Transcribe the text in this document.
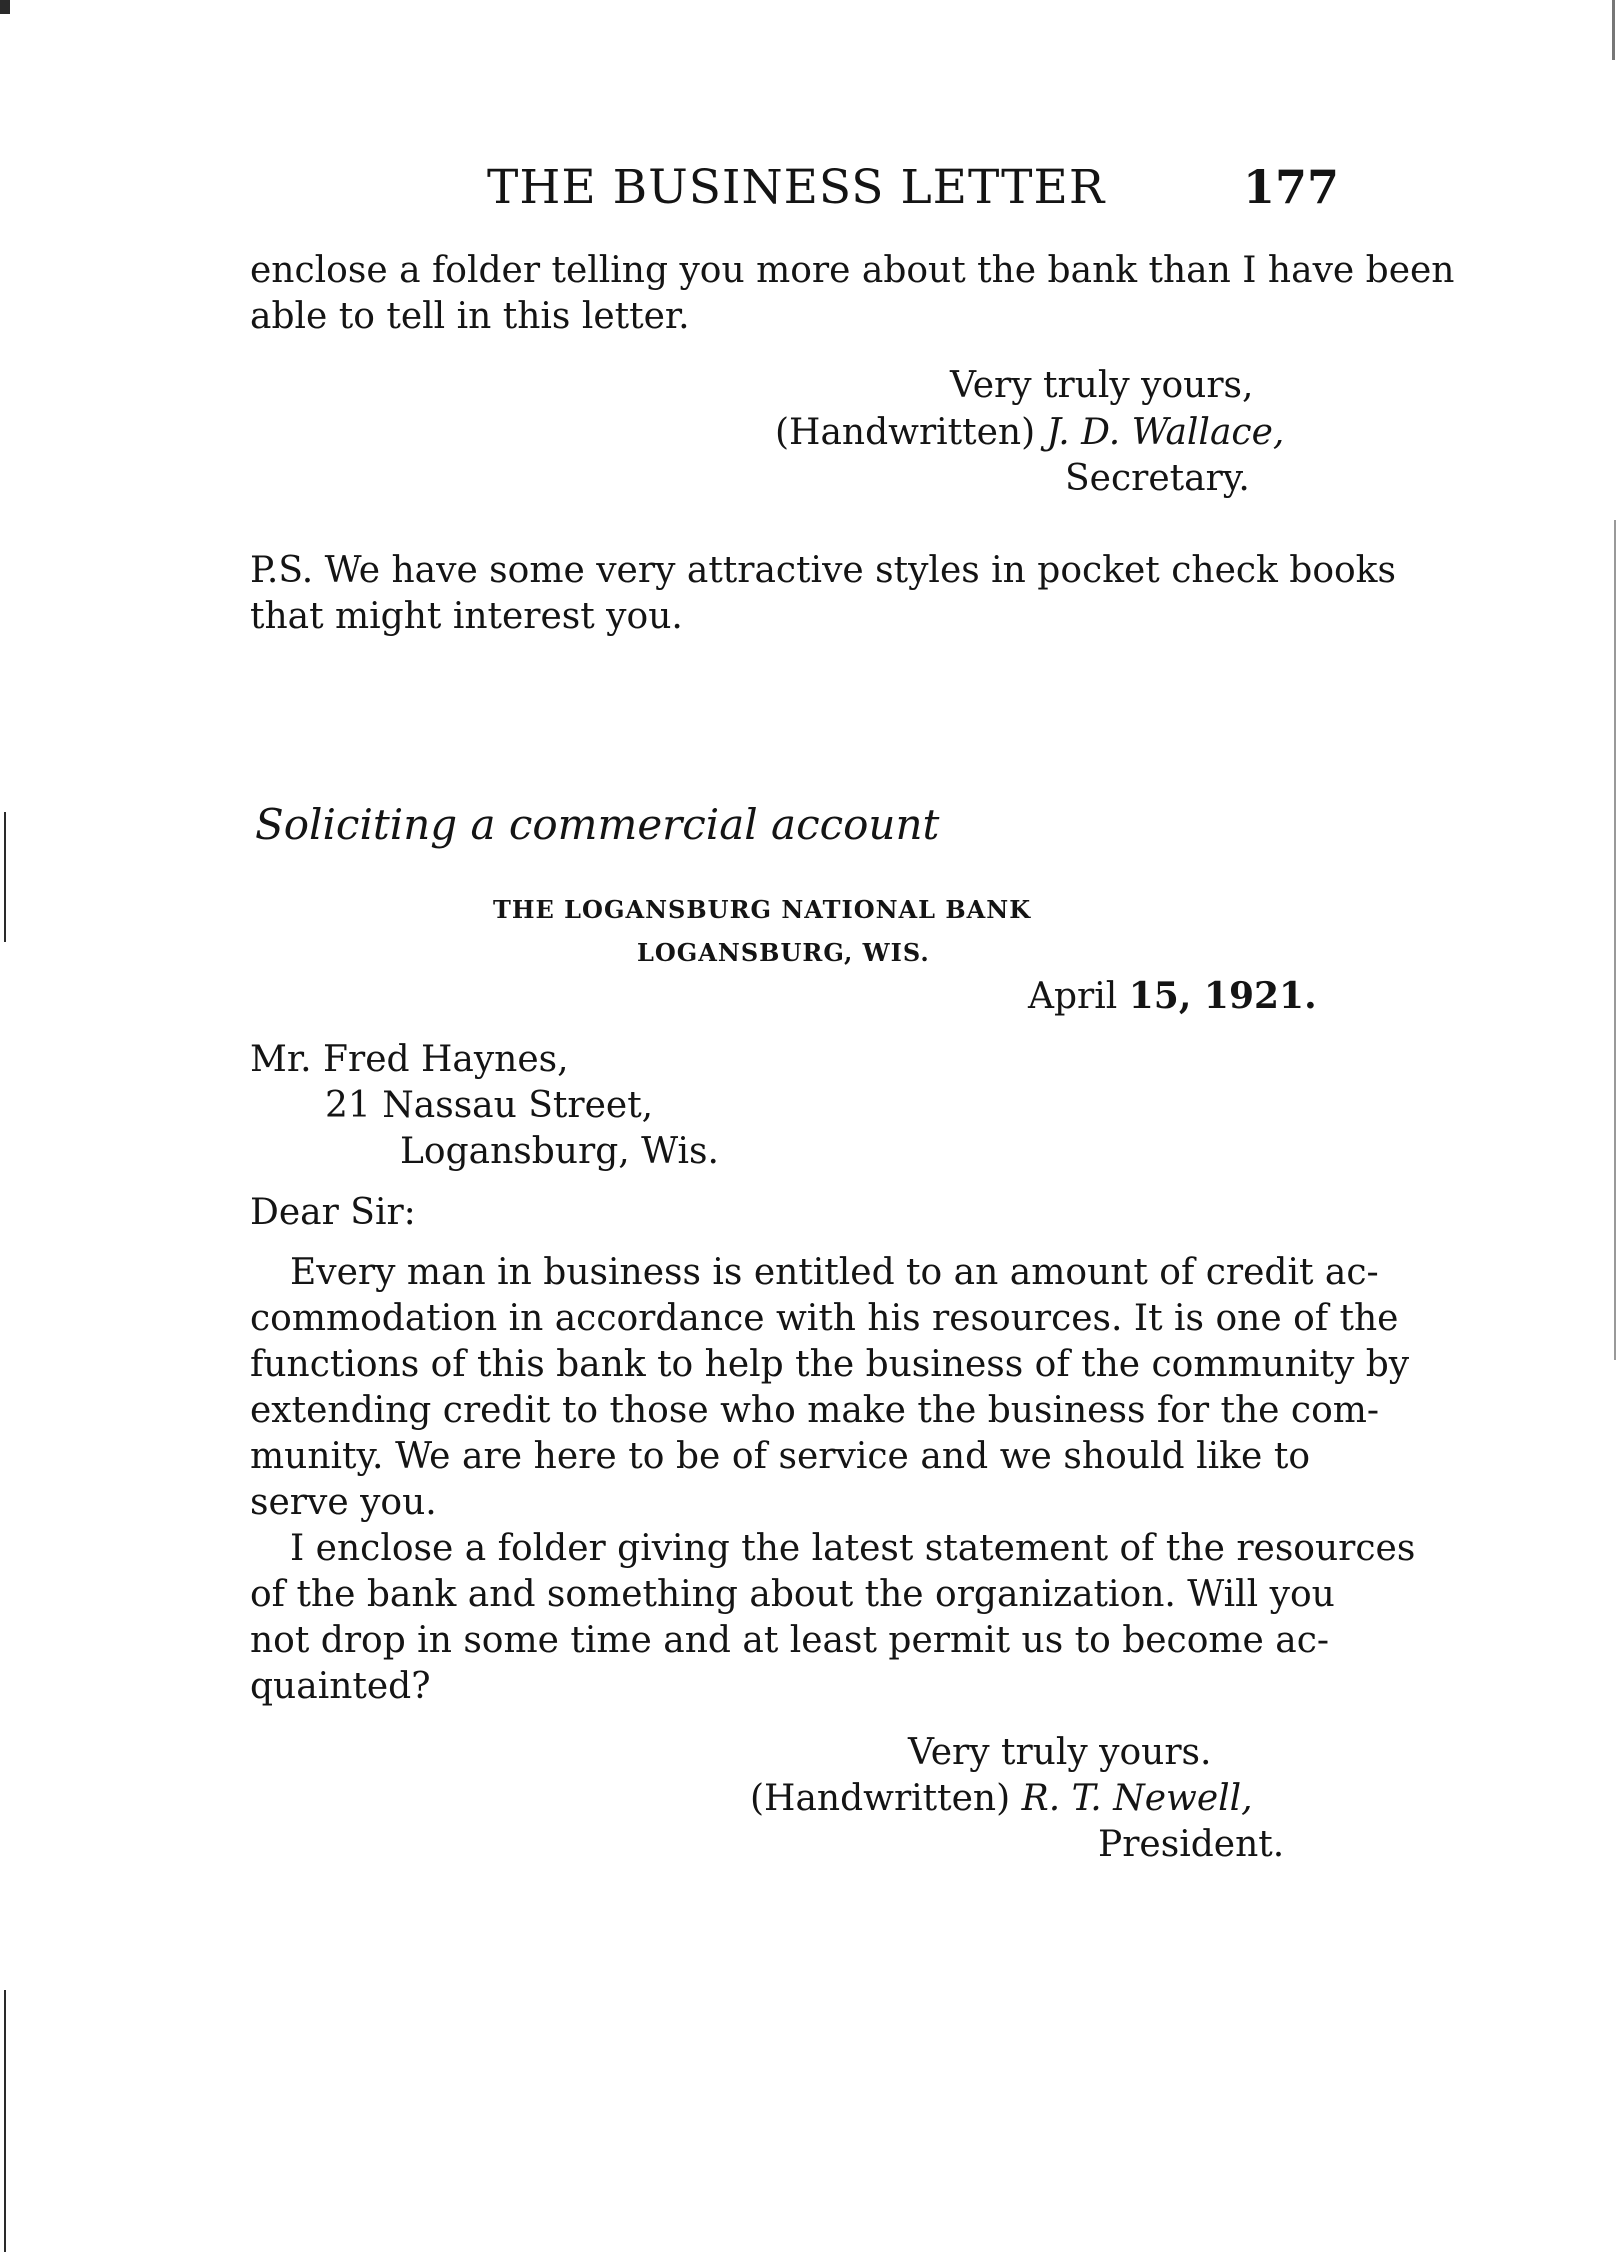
THE BUSINESS LETTER	177
enclose a folder telling you more about the bank than I have been
able to tell in this letter.
Very truly yours,
(Handwritten) J. D. Wallace,
Secretary.
P.S. We have some very attractive styles in pocket check books
that might interest you.
Soliciting a commercial account
THE LOGANSBURG NATIONAL BANK
LOGANSBURG, WIS.
April 15, 1921.
Mr. Fred Haynes,
21 Nassau Street,
Logansburg, Wis.
Dear Sir:
Every man in business is entitled to an amount of credit ac-
commodation in accordance with his resources. It is one of the
functions of this bank to help the business of the community by
extending credit to those who make the business for the com-
munity. We are here to be of service and we should like to
serve you.
I enclose a folder giving the latest statement of the resources
of the bank and something about the organization. Will you
not drop in some time and at least permit us to become ac-
quainted?
Very truly yours.
(Handwritten) R. T. Newell,
President.
